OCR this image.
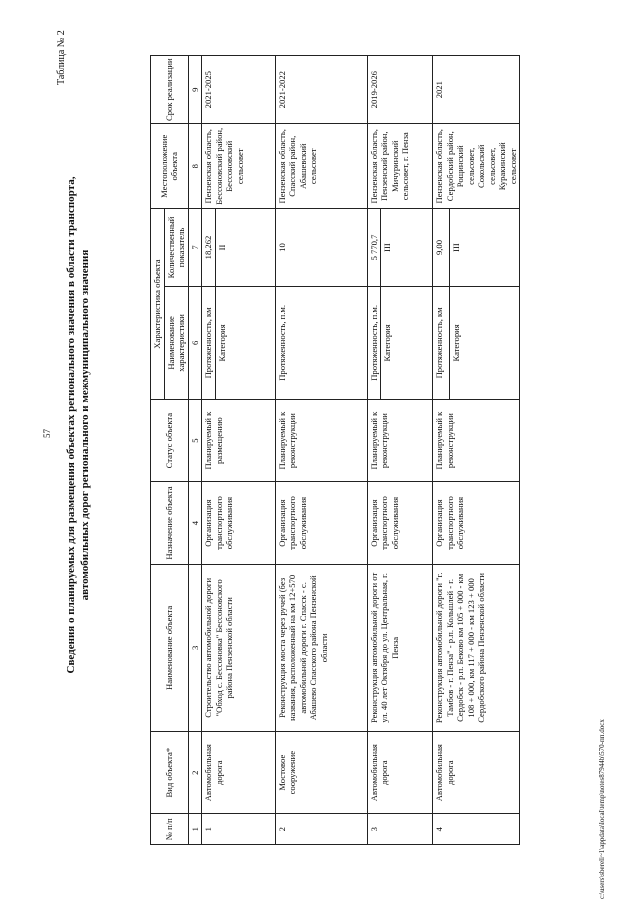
57
Таблица № 2
Сведения о планируемых для размещения объектах регионального значения в области транспорта, автомобильных дорог регионального и межмуниципального значения
№ п/п	Вид объекта*	Наименование объекта	Назначение объекта	Статус объекта	Характеристика объекта		Местоположение объекта	Срок реализации
					Наименование характеристики	Количественный показатель		
1	2	3	4	5	6	7	8	9
1	Автомобильная дорога	Строительство автомобильной дороги "Обход с. Бессоновка" Бессоновского района Пензенской области	Организация транспортного обслуживания	Планируемый к размещению	Протяженность, км	18,262	Пензенская область, Бессоновский район, Бессоновский сельсовет	2021-2025
					Категория	II		
2	Мостовое сооружение	Реконструкция моста через ручей (без названия, расположенный на км 12+570 автомобильной дороги г. Спасск - с. Абашево Спасского района Пензенской области	Организация транспортного обслуживания	Планируемый к реконструкции	Протяженность, п.м.	10	Пензенская область, Спасский район, Абашевский сельсовет	2021-2022
3	Автомобильная дорога	Реконструкция автомобильной дороги от ул. 40 лет Октября до ул. Центральная, г. Пенза	Организация транспортного обслуживания	Планируемый к реконструкции	Протяженность, п.м.	5 770,7	Пензенская область, Пензенский район, Мичуринский сельсовет, г. Пенза	2019-2026
					Категория	III		
4	Автомобильная дорога	Реконструкция автомобильной дороги "г. Тамбов - г. Пенза" - р.п. Кольшлей - г. Сердобск - р.п. Беково км 105 + 000 - км 108 + 000, км 117 + 000 - км 123 + 000 Сердобского района Пензенской области	Организация транспортного обслуживания	Планируемый к реконструкции	Протяженность, км	9,00	Пензенская область, Сердобский район, Рощинский сельсовет, Сокольский сельсовет, Куракинский сельсовет	2021
					Категория	III		
c:\users\sbereli~1\appdata\local\temp\notes87944b\570-пп.docx
